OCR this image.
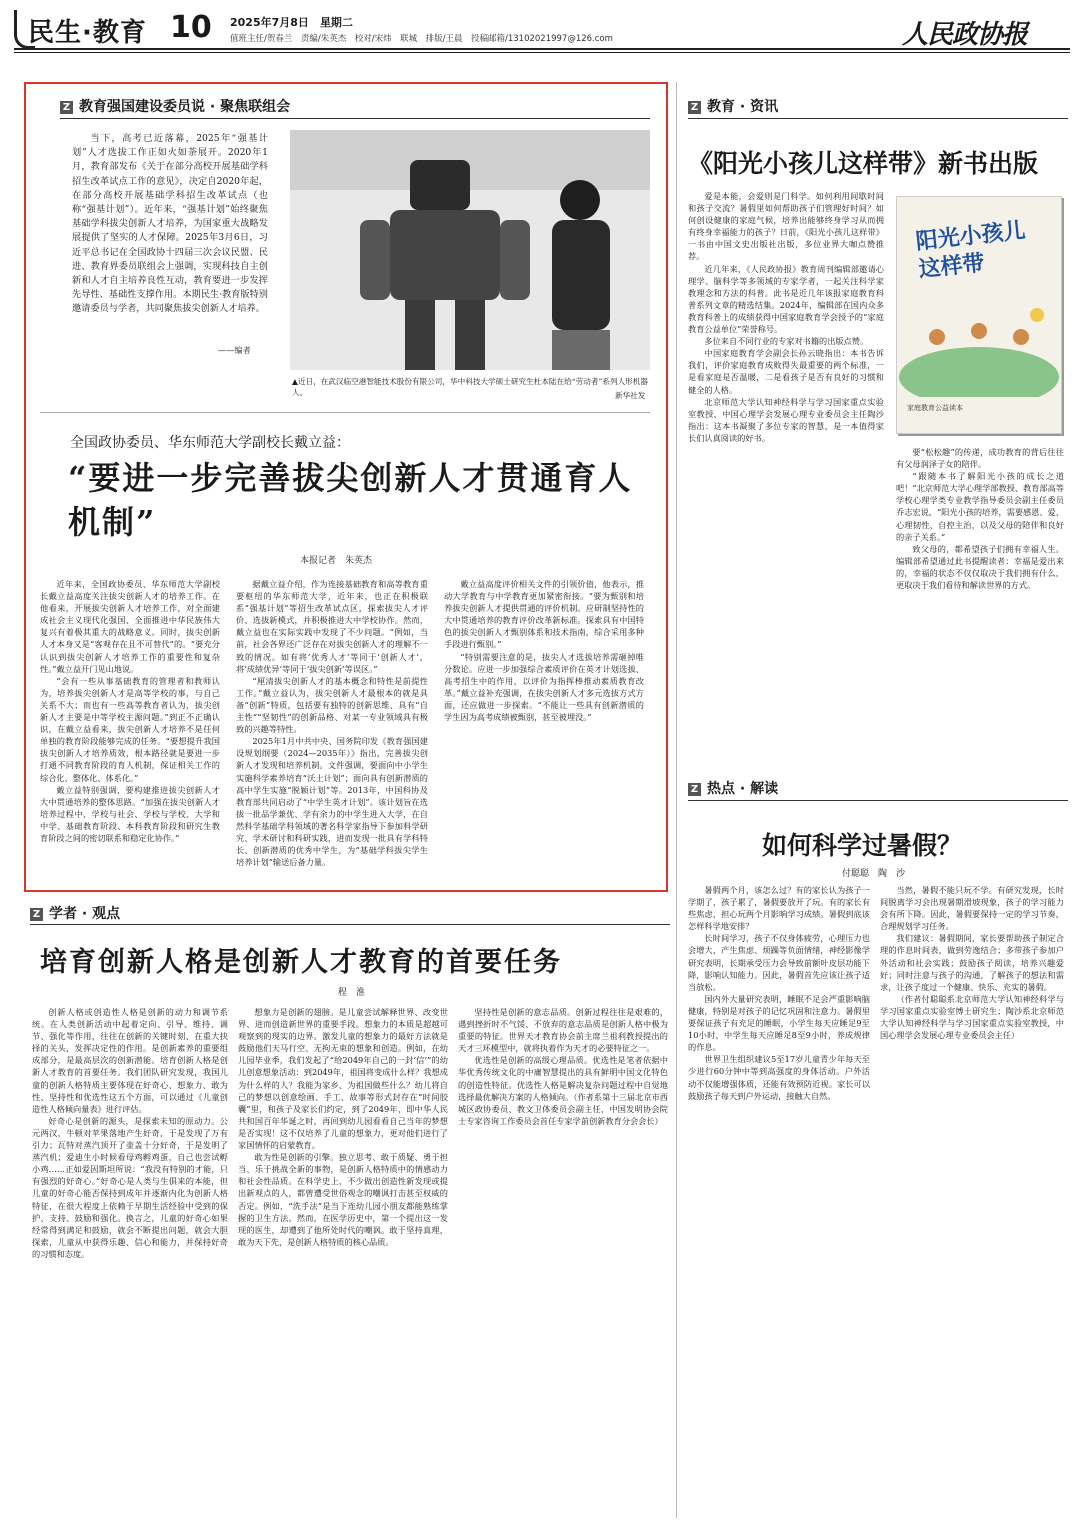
民生·教育 10 2025年7月8日　 星期二
值班主任/贺春兰　责编/朱英杰　校对/宋炜　联城　排版/王晨　 投稿邮箱/13102021997@126.com	人民政协报
Z 教育强国建设委员说 · 聚焦联组会

当下，高考已近落幕，2025年“强基计划”人才选拔工作正如火如荼展开。2020年1月，教育部发布《关于在部分高校开展基础学科招生改革试点工作的意见》，决定自2020年起，在部分高校开展基础学科招生改革试点（也称“强基计划”）。近年来，“强基计划”始终聚焦基础学科拔尖创新人才培养，为国家重大战略发展提供了坚实的人才保障。2025年3月6日，习近平总书记在全国政协十四届三次会议民盟、民进、教育界委员联组会上强调，实现科技自主创新和人才自主培养良性互动，教育要进一步发挥先导性、基础性支撑作用。本期民生·教育版特别邀请委员与学者，共同聚焦拔尖创新人才培养。

——编者
▲近日，在武汉临空港智能技术股份有限公司，华中科技大学硕士研究生杜本陆在给“劳动者”系列人形机器人。	新华社发
全国政协委员、华东师范大学副校长戴立益：
“要进一步完善拔尖创新人才贯通育人机制”
本报记者　朱英杰

近年来，全国政协委员、华东师范大学副校长戴立益高度关注拔尖创新人才的培养工作。在他看来，开展拔尖创新人才培养工作，对全面建成社会主义现代化强国、全面推进中华民族伟大复兴有着极其重大的战略意义。同时，拔尖创新人才本身又是“客观存在且不可替代”的。“要充分认识到拔尖创新人才培养工作的重要性和复杂性。”戴立益开门见山地说。

“会有一些从事基础教育的管理者和教师认为，培养拔尖创新人才是高等学校的事，与自己关系不大；而也有一些高等教育者认为，拔尖创新人才主要是中等学校主源问题。”到正不正确认识，在戴立益看来，拔尖创新人才培养不是任何单独的教育阶段能够完成的任务。“要想提升我国拔尖创新人才培养质效，根本路径就是要进一步打通不同教育阶段的育人机制，保证相关工作的综合化、整体化、体系化。”

戴立益特别强调，要构建推进拔尖创新人才大中贯通培养的整体思路。“加强在拔尖创新人才培养过程中，学校与社会、学校与学校、大学和中学、基础教育阶段、本科教育阶段和研究生教育阶段之间的密切联系和稳定化协作。”

据戴立益介绍，作为连接基础教育和高等教育重要枢纽的华东师范大学，近年来，也正在积极联系“强基计划”等招生改革试点区，探索拔尖人才评价、选拔新模式，并积极推进大中学校协作。然而，戴立益也在实际实践中发现了不少问题。“例如，当前，社会各界还广泛存在对拔尖创新人才的理解不一致的情况。如有将‘优秀人才’等同于‘创新人才’，将‘成绩优异’等同于‘拔尖创新’等误区。”

“厘清拔尖创新人才的基本概念和特性是前提性工作。”戴立益认为，拔尖创新人才最根本的就是具备“创新”特质，包括要有独特的创新思维、具有“自主性”“坚韧性”的创新品格、对某一专业领域具有极致的兴趣等特性。

2025年1月中共中央、国务院印发《教育强国建设规划纲要（2024—2035年）》指出，完善拔尖创新人才发现和培养机制。文件强调，要面向中小学生实施科学素养培育“沃土计划”；面向具有创新潜质的高中学生实施“脱颖计划”等。2013年，中国科协及教育部共同启动了“中学生英才计划”。该计划旨在选拔一批品学兼优、学有余力的中学生进入大学，在自然科学基础学科领域的著名科学家指导下参加科学研究、学术研讨和科研实践，进而发现一批具有学科特长、创新潜质的优秀中学生，为“基础学科拔尖学生培养计划”输送后备力量。

戴立益高度评价相关文件的引领价值，他表示，推动大学教育与中学教育更加紧密衔接。“要为甄别和培养拔尖创新人才提供贯通的评价机制。应研制坚持性的大中贯通培养的教育评价改革新标准。探索具有中国特色的拔尖创新人才甄别体系和技术指南，综合采用多种手段进行甄别。”

“特别需要注意的是，拔尖人才选拔培养需砸掉唯分数论。应进一步加强综合素质评价在英才计划选拔、高考招生中的作用，以评价为指挥棒推动素质教育改革。”戴立益补充强调，在拔尖创新人才多元选拔方式方面，还应做进一步探索。“不能让一些具有创新潜质的学生因为高考成绩被甄别，甚至被埋没。”

Z 学者 · 观点
培育创新人格是创新人才教育的首要任务
程　淮

创新人格或创造性人格是创新的动力和调节系统。在人类创新活动中起着定向、引导、维持、调节、强化等作用，往往在创新的关键时刻、在重大抉择的关头，发挥决定性的作用。是创新素养的重要组成部分，是最高层次的创新潜能。培育创新人格是创新人才教育的首要任务。我们团队研究发现，我国儿童的创新人格特质主要体现在好奇心、想象力、敢为性、坚持性和优选性这五个方面，可以通过《儿童创造性人格倾向量表》进行评估。

好奇心是创新的源头，是探索未知的原动力。公元两汉，牛顿对苹果落地产生好奇，于是发现了万有引力；瓦特对蒸汽顶开了壶盖十分好奇，于是发明了蒸汽机；爱迪生小时候看母鸡孵鸡蛋，自己也尝试孵小鸡……正如爱因斯坦所说：“我没有特别的才能，只有强烈的好奇心。”好奇心是人类与生俱来的本能，但儿童的好奇心能否保持到成年并逐渐内化为创新人格特征，在很大程度上依赖于早期生活经验中受到的保护、支持、鼓励和强化。换言之，儿童的好奇心如果经常得到满足和鼓励，就会不断提出问题，就会大胆探索，儿童从中获得乐趣、信心和能力，并保持好奇的习惯和态度。

想象力是创新的翅膀。是儿童尝试解释世界、改变世界、进而创造新世界的重要手段。想象力的本质是超越可观察到的现实的边界。激发儿童的想象力的最好方法就是鼓励他们天马行空、无拘无束的想象和创造。例如，在幼儿园毕业季，我们发起了“给2049年自己的一封‘信’”的幼儿创意想象活动：到2049年，祖国将变成什么样？我想成为什么样的人？我能为家乡、为祖国做些什么？幼儿将自己的梦想以创意绘画、手工、故事等形式封存在“时间胶囊”里，和孩子及家长们约定，到了2049年，即中华人民共和国百年华诞之时，再回到幼儿园看看自己当年的梦想是否实现！这不仅培养了儿童的想象力，更对他们进行了家国情怀的启蒙教育。

敢为性是创新的引擎。独立思考、敢于质疑、勇于担当、乐于挑战全新的事物，是创新人格特质中的情感动力和社会性品质。在科学史上，不少做出创造性新发现或提出新观点的人，都曾遭受世俗观念的嘲讽打击甚至权威的否定。例如，“洗手法”是当下连幼儿园小朋友都能熟练掌握的卫生方法。然而，在医学历史中，第一个提出这一发现的医生，却遭到了他所处时代的嘲讽。敢于坚持真理，敢为天下先，是创新人格特质的核心品质。

坚持性是创新的意志品质。创新过程往往是艰难的，遇到挫折时不气馁、不放弃的意志品质是创新人格中极为重要的特征。世界天才教育协会前主席兰祖利教授提出的天才三环模型中，就将执着作为天才的必要特征之一。

优选性是创新的高级心理品质。优选性是笔者依据中华优秀传统文化的中庸智慧提出的具有鲜明中国文化特色的创造性特征。优选性人格是解决复杂问题过程中自觉地选择最优解决方案的人格倾向。（作者系第十三届北京市西城区政协委员、教文卫体委员会副主任，中国发明协会院士专家咨询工作委员会首任专家学前创新教育分会会长）

Z 教育 · 资讯
《阳光小孩儿这样带》新书出版

爱是本能，会爱则是门科学。如何利用间歇时间和孩子交流？暑假里如何帮助孩子们管理好时间？如何创设健康的家庭气候，培养出能够终身学习从而拥有终身幸福能力的孩子？日前，《阳光小孩儿这样带》一书由中国文史出版社出版，多位业界大咖点赞推荐。

近几年来，《人民政协报》教育周刊编辑部邀请心理学、脑科学等多领域的专家学者，一起关注科学家教理念和方法的科普。此书是近几年该报家庭教育科普系列文章的精选结集。2024年，编辑部在国内众多教育科普上的成绩获得中国家庭教育学会授予的“家庭教育公益单位”荣誉称号。

多位来自不同行业的专家对书籍的出版点赞。

中国家庭教育学会副会长孙云晓指出：本书告诉我们，评价家庭教育成败得失最重要的两个标准，一是看家庭是否温暖，二是看孩子是否有良好的习惯和健全的人格。

北京师范大学认知神经科学与学习国家重点实验室教授、中国心理学会发展心理专业委员会主任陶沙指出：这本书凝聚了多位专家的智慧，是一本值得家长们认真阅读的好书。

阳光小孩儿这样带
家庭教育公益读本

要“松松趣”的传递，成功教育的背后往往有父母润泽子女的陪伴。

“跟随本书了解阳光小孩的成长之道吧！”北京师范大学心理学部教授、教育部高等学校心理学类专业教学指导委员会副主任委员乔志宏说，“阳光小孩的培养，需要感恩、爱、心理韧性、自控主治，以及父母的陪伴和良好的亲子关系。”

致父母的，都希望孩子们拥有幸福人生。编辑部希望通过此书提醒读者：幸福是爱出来的，幸福的状态不仅仅取决于我们拥有什么，更取决于我们看待和解读世界的方式。

Z 热点 · 解读
如何科学过暑假？
付聪聪　陶　沙

暑假两个月，该怎么过？有的家长认为孩子一学期了，孩子累了，暑假要放开了玩。有的家长有些焦虑，担心玩两个月影响学习成绩。暑假到底该怎样科学地安排？

长时间学习，孩子不仅身体疲劳，心理压力也会增大，产生焦虑、烦躁等负面情绪，神经影像学研究表明，长期承受压力会导致前额叶皮层功能下降，影响认知能力。因此，暑假首先应该让孩子适当放松。

国内外大量研究表明，睡眠不足会严重影响脑健康，特别是对孩子的记忆巩固和注意力。暑假里要保证孩子有充足的睡眠，小学生每天应睡足9至10小时，中学生每天应睡足8至9小时，养成规律的作息。

世界卫生组织建议5至17岁儿童青少年每天至少进行60分钟中等到高强度的身体活动。户外活动不仅能增强体质，还能有效预防近视。家长可以鼓励孩子每天到户外运动，接触大自然。

当然，暑假不能只玩不学。有研究发现，长时间脱离学习会出现暑期滑坡现象，孩子的学习能力会有所下降。因此，暑假要保持一定的学习节奏，合理规划学习任务。

我们建议：暑假期间，家长要帮助孩子制定合理的作息时间表，做到劳逸结合；多带孩子参加户外活动和社会实践；鼓励孩子阅读，培养兴趣爱好；同时注意与孩子的沟通，了解孩子的想法和需求，让孩子度过一个健康、快乐、充实的暑假。

（作者付聪聪系北京师范大学认知神经科学与学习国家重点实验室博士研究生；陶沙系北京师范大学认知神经科学与学习国家重点实验室教授，中国心理学会发展心理专业委员会主任）
